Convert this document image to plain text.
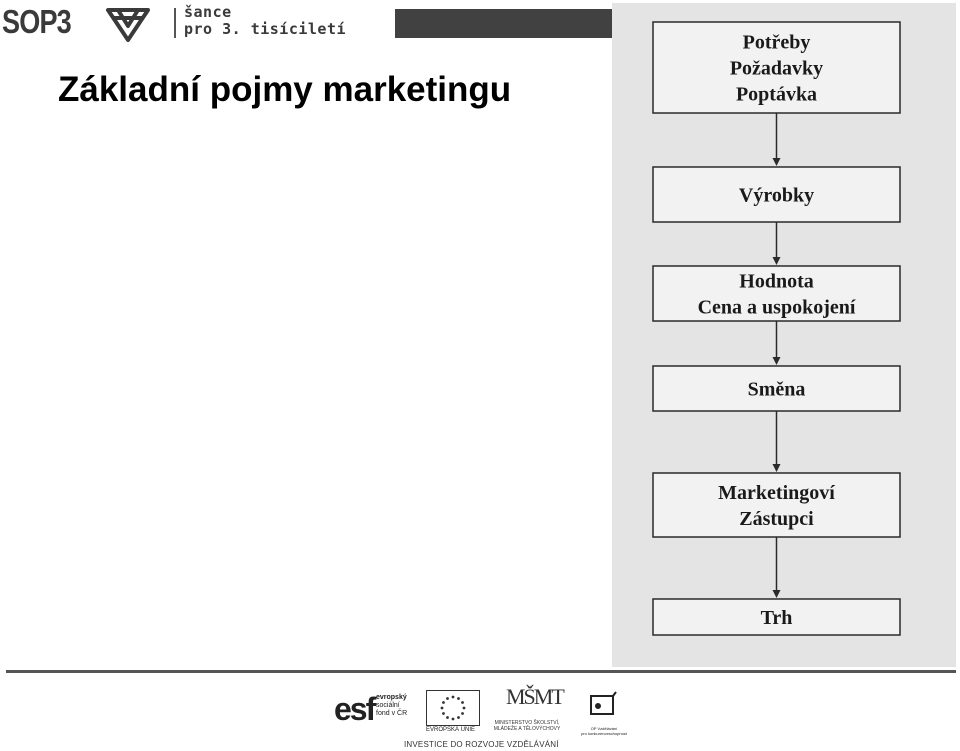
SOP3	šance
pro 3. tisíciletí
Základní pojmy marketingu
Potřeby
Požadavky
Poptávka
Výrobky
Hodnota
Cena a uspokojení
Směna
Marketingoví
Zástupci
Trh
esf evropský
sociální
fond v ČR
EVROPSKÁ UNIE
MŠMT
MINISTERSTVO ŠKOLSTVÍ,
MLÁDEŽE A TĚLOVÝCHOVY	OP Vzdělávání
pro konkurenceschopnost
INVESTICE DO ROZVOJE VZDĚLÁVÁNÍ
